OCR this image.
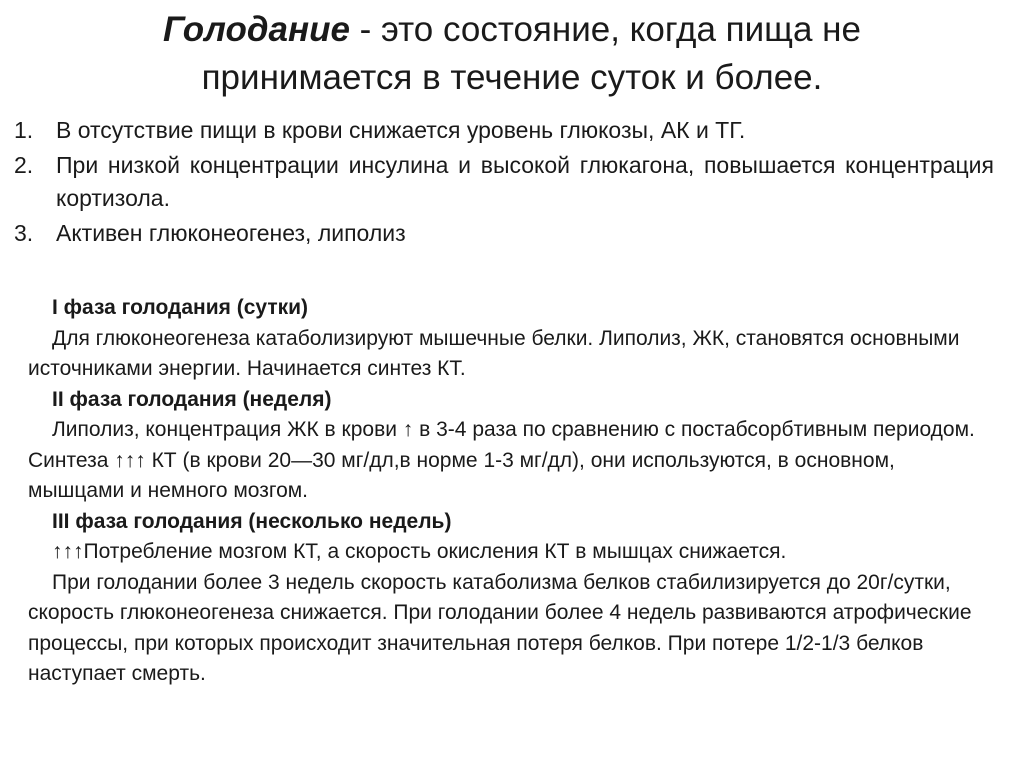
Голодание - это состояние, когда пища не принимается в течение суток и более.
1. В отсутствие пищи в крови снижается уровень глюкозы, АК и ТГ.
2. При низкой концентрации инсулина и высокой глюкагона, повышается концентрация кортизола.
3. Активен глюконеогенез, липолиз

I фаза голодания (сутки)

Для глюконеогенеза катаболизируют мышечные белки. Липолиз, ЖК, становятся основными источниками энергии. Начинается синтез КТ.

II фаза голодания (неделя)

Липолиз, концентрация ЖК в крови ↑ в 3-4 раза по сравнению с постабсорбтивным периодом. Синтеза ↑↑↑ КТ (в крови 20—30 мг/дл,в норме 1-3 мг/дл), они используются, в основном, мышцами и немного мозгом.

III фаза голодания (несколько недель)

↑↑↑Потребление мозгом КТ, а скорость окисления КТ в мышцах снижается.

При голодании более 3 недель скорость катаболизма белков стабилизируется до 20г/сутки, скорость глюконеогенеза снижается. При голодании более 4 недель развиваются атрофические процессы, при которых происходит значительная потеря белков. При потере 1/2-1/3 белков наступает смерть.
